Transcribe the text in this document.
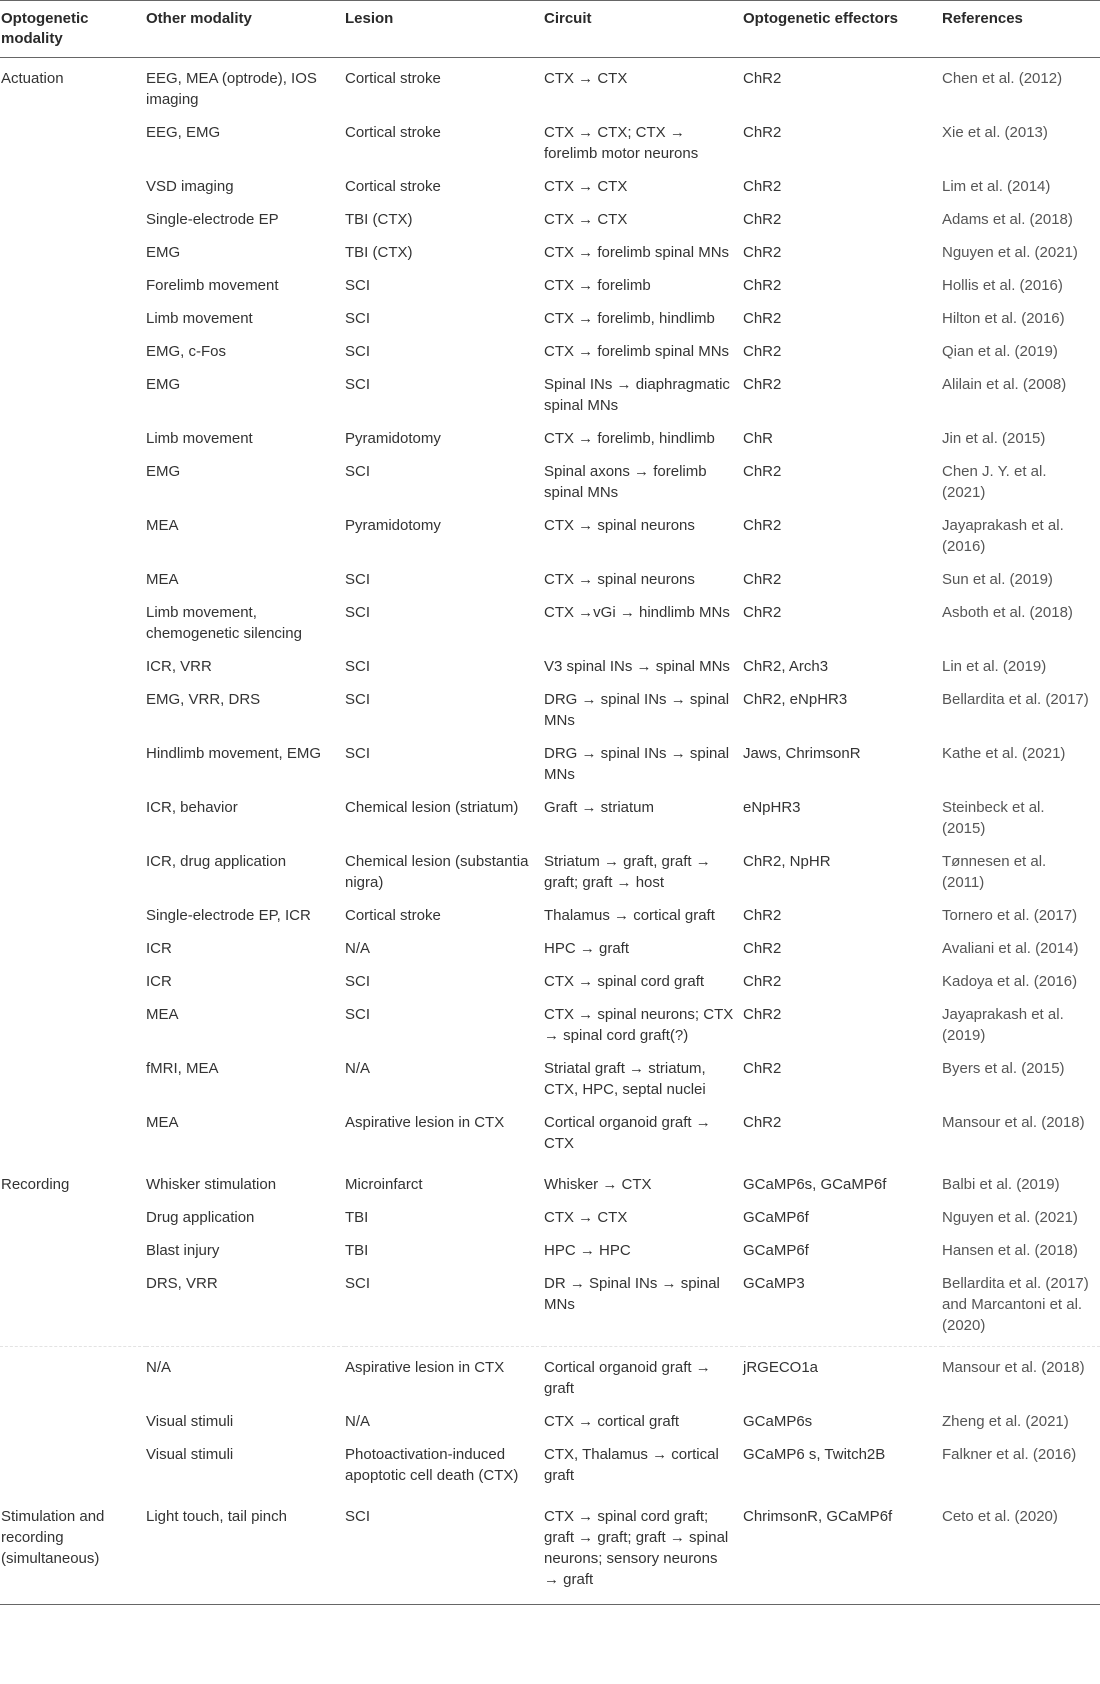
Optogenetic modality	Other modality	Lesion	Circuit	Optogenetic effectors	References
Actuation	EEG, MEA (optrode), IOS imaging	Cortical stroke	CTX → CTX	ChR2	Chen et al. (2012)
	EEG, EMG	Cortical stroke	CTX → CTX; CTX → forelimb motor neurons	ChR2	Xie et al. (2013)
	VSD imaging	Cortical stroke	CTX → CTX	ChR2	Lim et al. (2014)
	Single-electrode EP	TBI (CTX)	CTX → CTX	ChR2	Adams et al. (2018)
	EMG	TBI (CTX)	CTX → forelimb spinal MNs	ChR2	Nguyen et al. (2021)
	Forelimb movement	SCI	CTX → forelimb	ChR2	Hollis et al. (2016)
	Limb movement	SCI	CTX → forelimb, hindlimb	ChR2	Hilton et al. (2016)
	EMG, c-Fos	SCI	CTX → forelimb spinal MNs	ChR2	Qian et al. (2019)
	EMG	SCI	Spinal INs → diaphragmatic spinal MNs	ChR2	Alilain et al. (2008)
	Limb movement	Pyramidotomy	CTX → forelimb, hindlimb	ChR	Jin et al. (2015)
	EMG	SCI	Spinal axons → forelimb spinal MNs	ChR2	Chen J. Y. et al. (2021)
	MEA	Pyramidotomy	CTX → spinal neurons	ChR2	Jayaprakash et al. (2016)
	MEA	SCI	CTX → spinal neurons	ChR2	Sun et al. (2019)
	Limb movement, chemogenetic silencing	SCI	CTX →vGi → hindlimb MNs	ChR2	Asboth et al. (2018)
	ICR, VRR	SCI	V3 spinal INs → spinal MNs	ChR2, Arch3	Lin et al. (2019)
	EMG, VRR, DRS	SCI	DRG → spinal INs → spinal MNs	ChR2, eNpHR3	Bellardita et al. (2017)
	Hindlimb movement, EMG	SCI	DRG → spinal INs → spinal MNs	Jaws, ChrimsonR	Kathe et al. (2021)
	ICR, behavior	Chemical lesion (striatum)	Graft → striatum	eNpHR3	Steinbeck et al. (2015)
	ICR, drug application	Chemical lesion (substantia nigra)	Striatum → graft, graft → graft; graft → host	ChR2, NpHR	Tønnesen et al. (2011)
	Single-electrode EP, ICR	Cortical stroke	Thalamus → cortical graft	ChR2	Tornero et al. (2017)
	ICR	N/A	HPC → graft	ChR2	Avaliani et al. (2014)
	ICR	SCI	CTX → spinal cord graft	ChR2	Kadoya et al. (2016)
	MEA	SCI	CTX → spinal neurons; CTX → spinal cord graft(?)	ChR2	Jayaprakash et al. (2019)
	fMRI, MEA	N/A	Striatal graft → striatum, CTX, HPC, septal nuclei	ChR2	Byers et al. (2015)
	MEA	Aspirative lesion in CTX	Cortical organoid graft → CTX	ChR2	Mansour et al. (2018)
Recording	Whisker stimulation	Microinfarct	Whisker → CTX	GCaMP6s, GCaMP6f	Balbi et al. (2019)
	Drug application	TBI	CTX → CTX	GCaMP6f	Nguyen et al. (2021)
	Blast injury	TBI	HPC → HPC	GCaMP6f	Hansen et al. (2018)
	DRS, VRR	SCI	DR → Spinal INs → spinal MNs	GCaMP3	Bellardita et al. (2017) and Marcantoni et al. (2020)
	N/A	Aspirative lesion in CTX	Cortical organoid graft → graft	jRGECO1a	Mansour et al. (2018)
	Visual stimuli	N/A	CTX → cortical graft	GCaMP6s	Zheng et al. (2021)
	Visual stimuli	Photoactivation-induced apoptotic cell death (CTX)	CTX, Thalamus → cortical graft	GCaMP6 s, Twitch2B	Falkner et al. (2016)
Stimulation and recording (simultaneous)	Light touch, tail pinch	SCI	CTX → spinal cord graft; graft → graft; graft → spinal neurons; sensory neurons → graft	ChrimsonR, GCaMP6f	Ceto et al. (2020)
